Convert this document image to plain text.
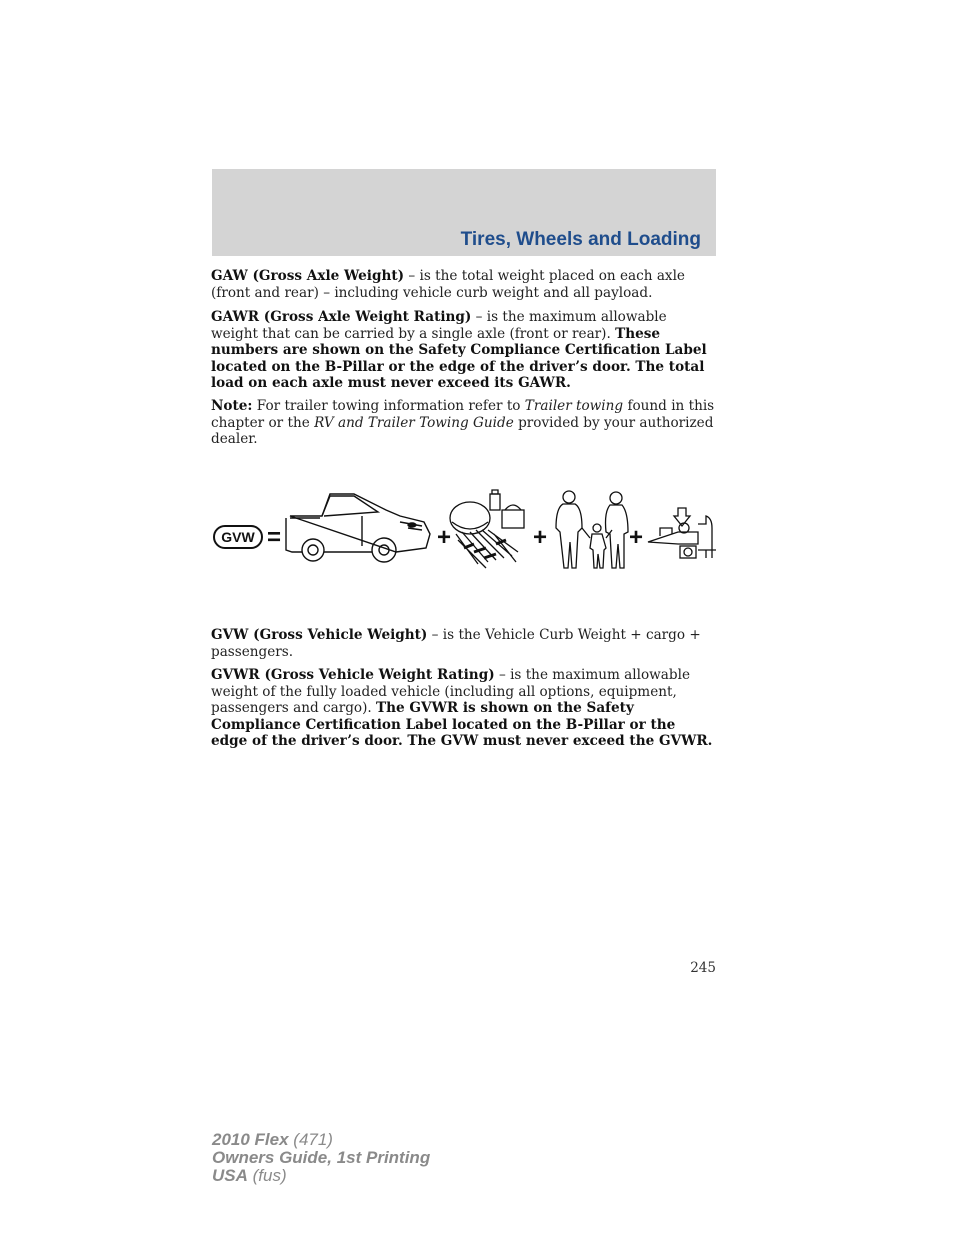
Tires, Wheels and Loading

GAW (Gross Axle Weight) – is the total weight placed on each axle (front and rear) – including vehicle curb weight and all payload.

GAWR (Gross Axle Weight Rating) – is the maximum allowable weight that can be carried by a single axle (front or rear). These numbers are shown on the Safety Compliance Certification Label located on the B-Pillar or the edge of the driver’s door. The total load on each axle must never exceed its GAWR.

Note: For trailer towing information refer to Trailer towing found in this chapter or the RV and Trailer Towing Guide provided by your authorized dealer.

GVW =	+	+	+

GVW (Gross Vehicle Weight) – is the Vehicle Curb Weight + cargo + passengers.

GVWR (Gross Vehicle Weight Rating) – is the maximum allowable weight of the fully loaded vehicle (including all options, equipment, passengers and cargo). The GVWR is shown on the Safety Compliance Certification Label located on the B-Pillar or the edge of the driver’s door. The GVW must never exceed the GVWR.

245
2010 Flex (471)
Owners Guide, 1st Printing
USA (fus)
